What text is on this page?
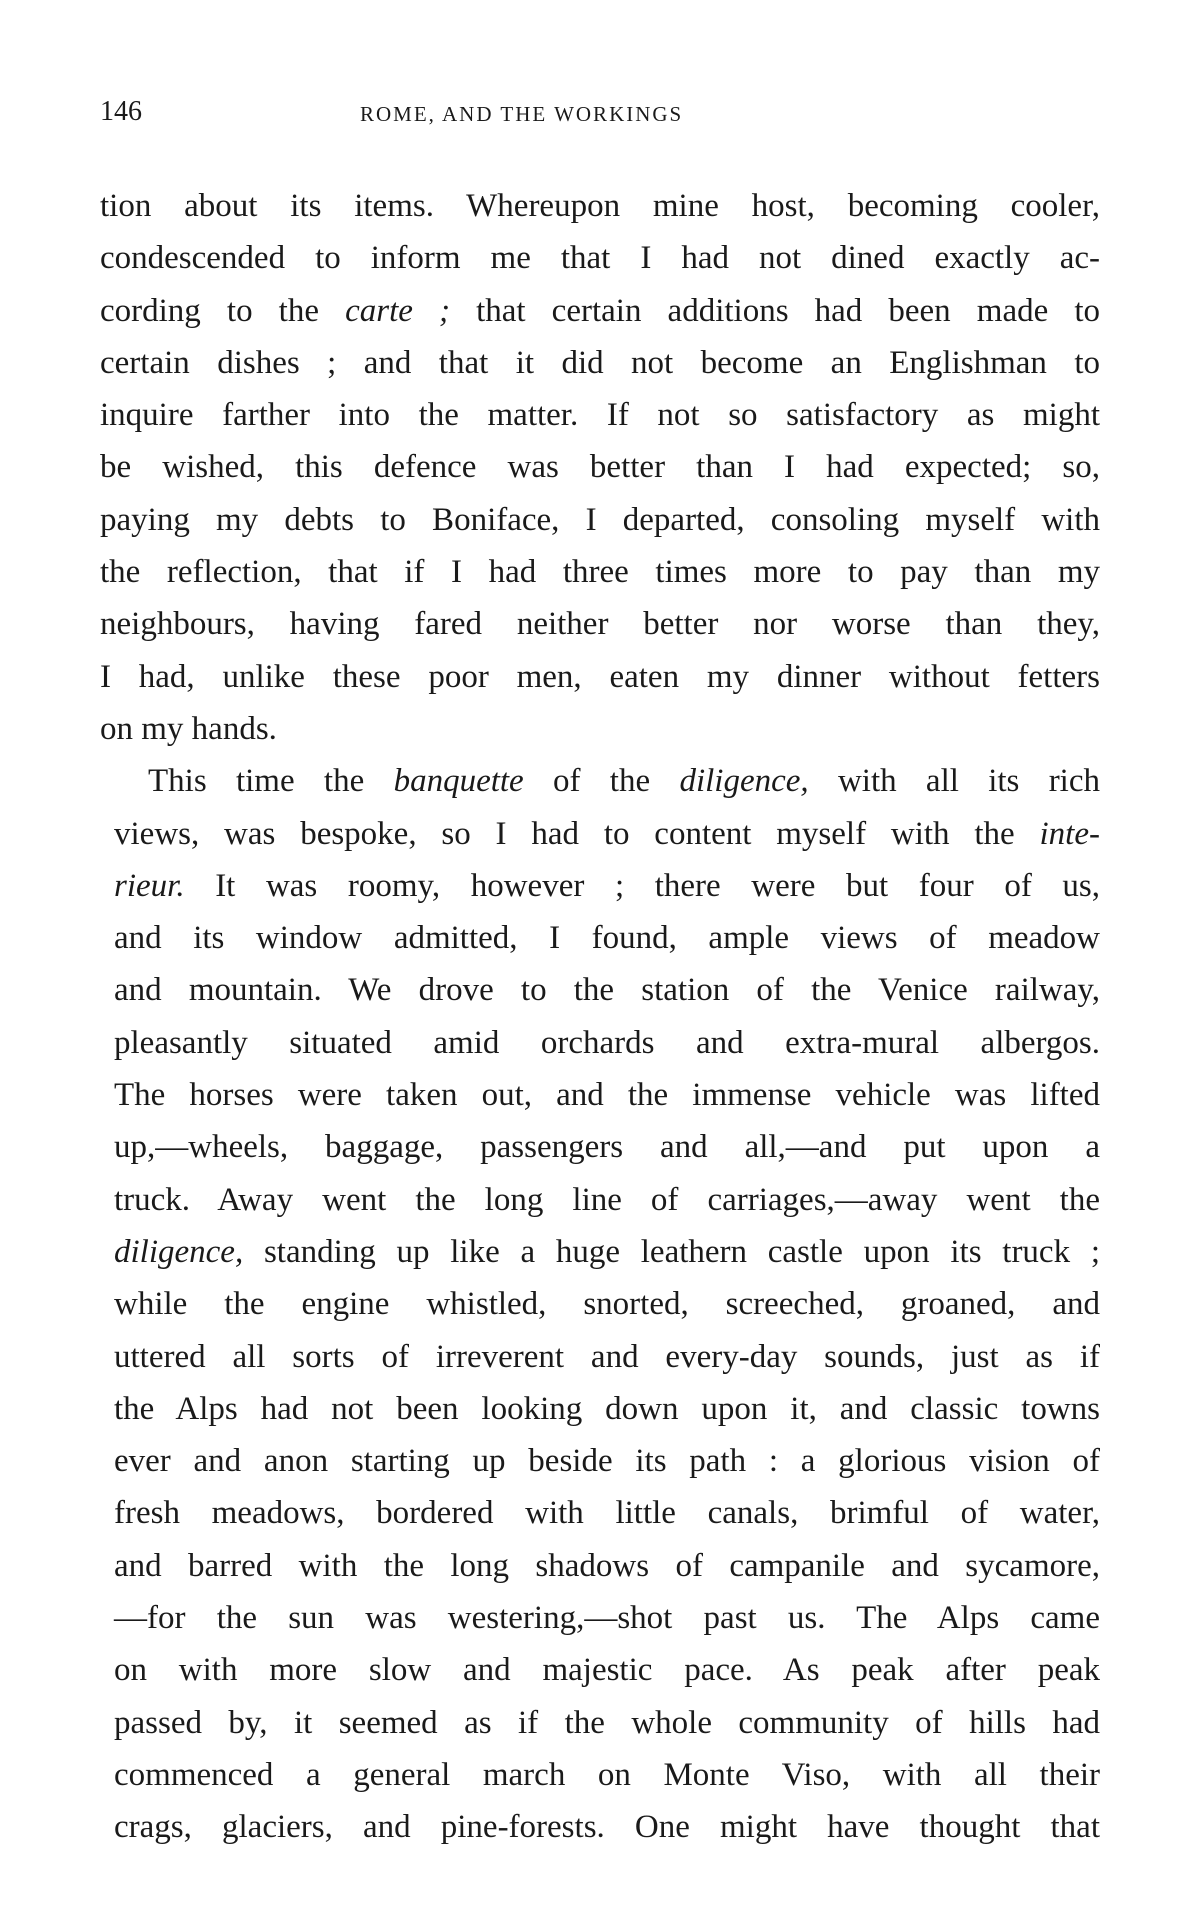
146	ROME, AND THE WORKINGS
tion about its items. Whereupon mine host, becoming cooler,
condescended to inform me that I had not dined exactly ac-
cording to the carte ; that certain additions had been made to
certain dishes ; and that it did not become an Englishman to
inquire farther into the matter. If not so satisfactory as might
be wished, this defence was better than I had expected; so,
paying my debts to Boniface, I departed, consoling myself with
the reflection, that if I had three times more to pay than my
neighbours, having fared neither better nor worse than they,
I had, unlike these poor men, eaten my dinner without fetters
on my hands.
This time the banquette of the diligence, with all its rich
views, was bespoke, so I had to content myself with the inte-
rieur. It was roomy, however ; there were but four of us,
and its window admitted, I found, ample views of meadow
and mountain. We drove to the station of the Venice railway,
pleasantly situated amid orchards and extra-mural albergos.
The horses were taken out, and the immense vehicle was lifted
up,—wheels, baggage, passengers and all,—and put upon a
truck. Away went the long line of carriages,—away went the
diligence, standing up like a huge leathern castle upon its truck ;
while the engine whistled, snorted, screeched, groaned, and
uttered all sorts of irreverent and every-day sounds, just as if
the Alps had not been looking down upon it, and classic towns
ever and anon starting up beside its path : a glorious vision of
fresh meadows, bordered with little canals, brimful of water,
and barred with the long shadows of campanile and sycamore,
—for the sun was westering,—shot past us. The Alps came
on with more slow and majestic pace. As peak after peak
passed by, it seemed as if the whole community of hills had
commenced a general march on Monte Viso, with all their
crags, glaciers, and pine-forests. One might have thought that
